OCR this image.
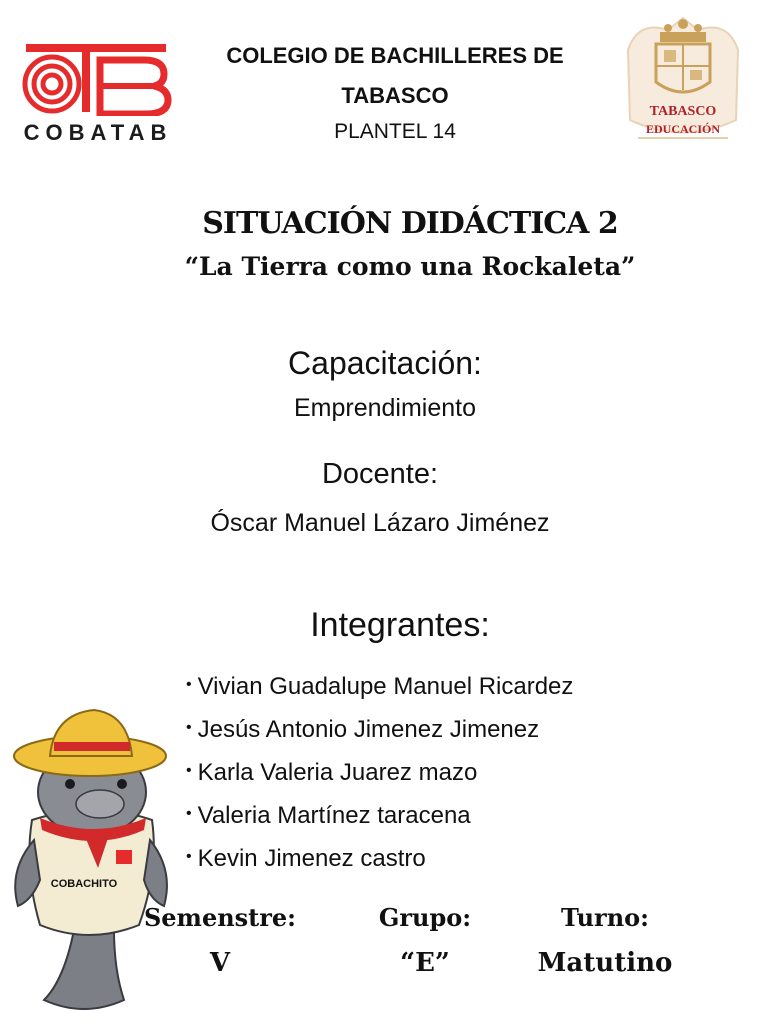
COBATAB
COLEGIO DE BACHILLERES DE TABASCO
PLANTEL 14
TABASCO
EDUCACIÓN
SITUACIÓN DIDÁCTICA 2
“La Tierra como una Rockaleta”
Capacitación:
Emprendimiento
Docente:
Óscar Manuel Lázaro Jiménez
Integrantes:
• Vivian Guadalupe Manuel Ricardez
• Jesús Antonio Jimenez Jimenez
• Karla Valeria Juarez mazo
• Valeria Martínez taracena
• Kevin Jimenez castro
COBACHITO
Semenstre:
V
Grupo:
“E”
Turno:
Matutino
